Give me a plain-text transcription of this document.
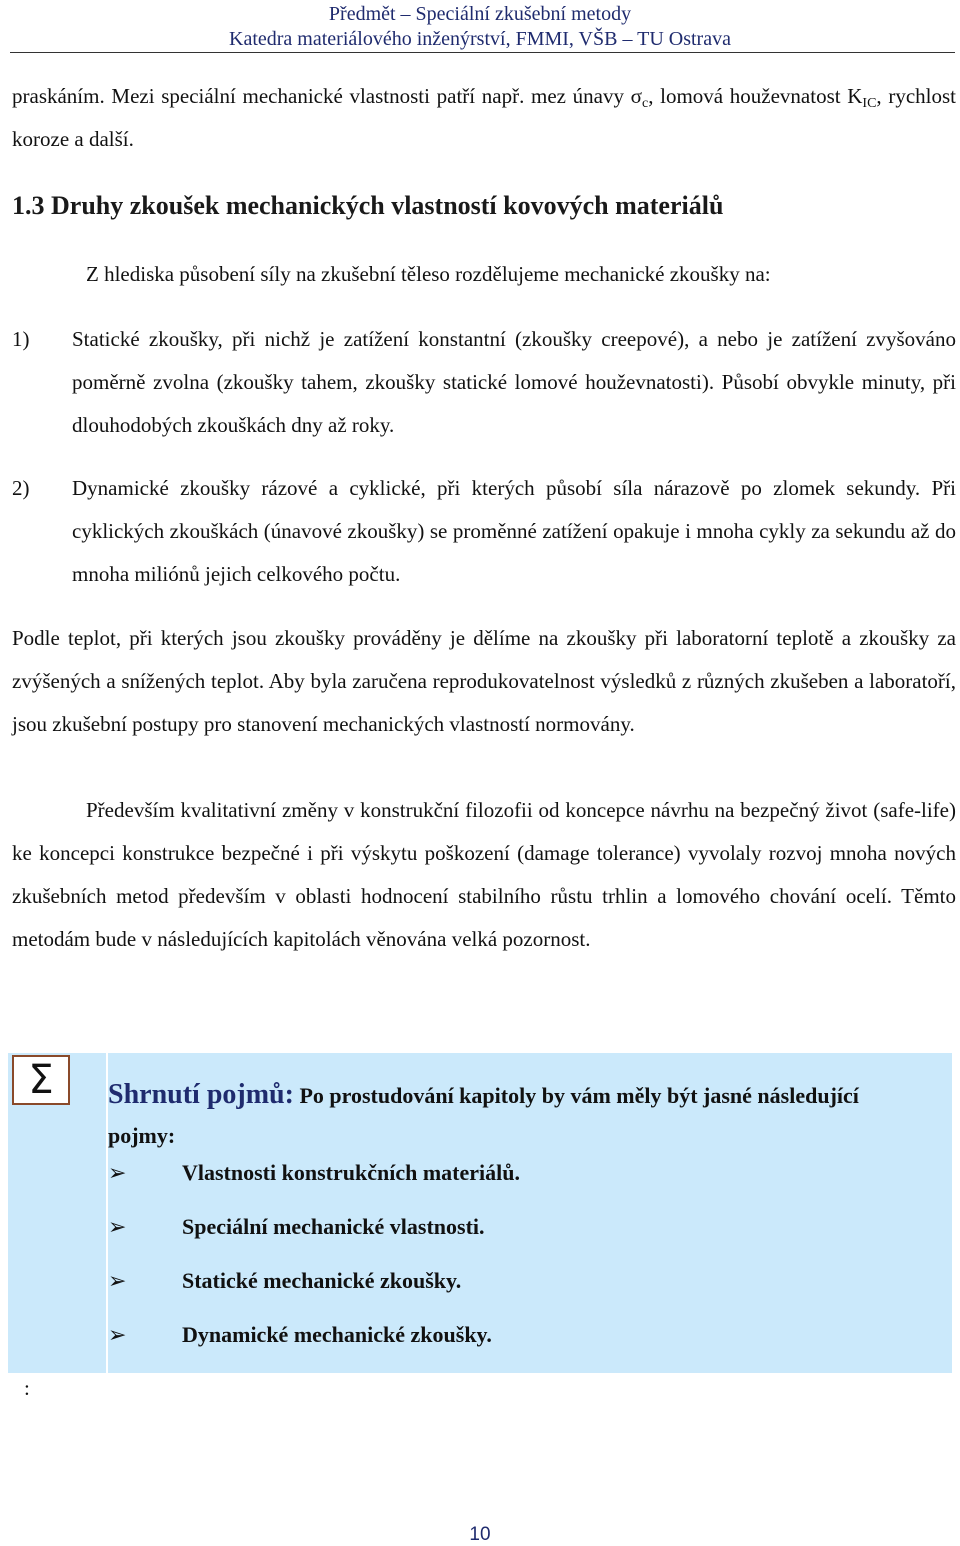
Předmět – Speciální zkušební metody
Katedra materiálového inženýrství, FMMI, VŠB – TU Ostrava

praskáním. Mezi speciální mechanické vlastnosti patří např. mez únavy $\sigma_c$, lomová houževnatost $K_{IC}$, rychlost koroze a další.

1.3 Druhy zkoušek mechanických vlastností kovových materiálů

Z hlediska působení síly na zkušební těleso rozdělujeme mechanické zkoušky na:

1) Statické zkoušky, při nichž je zatížení konstantní (zkoušky creepové), a nebo je zatížení zvyšováno poměrně zvolna (zkoušky tahem, zkoušky statické lomové houževnatosti). Působí obvykle minuty, při dlouhodobých zkouškách dny až roky.

2) Dynamické zkoušky rázové a cyklické, při kterých působí síla nárazově po zlomek sekundy. Při cyklických zkouškách (únavové zkoušky) se proměnné zatížení opakuje i mnoha cykly za sekundu až do mnoha miliónů jejich celkového počtu.

Podle teplot, při kterých jsou zkoušky prováděny je dělíme na zkoušky při laboratorní teplotě a zkoušky za zvýšených a snížených teplot. Aby byla zaručena reprodukovatelnost výsledků z různých zkušeben a laboratoří, jsou zkušební postupy pro stanovení mechanických vlastností normovány.

Především kvalitativní změny v konstrukční filozofii od koncepce návrhu na bezpečný život (safe-life) ke koncepci konstrukce bezpečné i při výskytu poškození (damage tolerance) vyvolaly rozvoj mnoha nových zkušebních metod především v oblasti hodnocení stabilního růstu trhlin a lomového chování ocelí. Těmto metodám bude v následujících kapitolách věnována velká pozornost.

Σ	Shrnutí pojmů: Po prostudování kapitoly by vám měly být jasné následující pojmy:

➢	Vlastnosti konstrukčních materiálů.
➢	Speciální mechanické vlastnosti.
➢	Statické mechanické zkoušky.
➢	Dynamické mechanické zkoušky.
:
10
